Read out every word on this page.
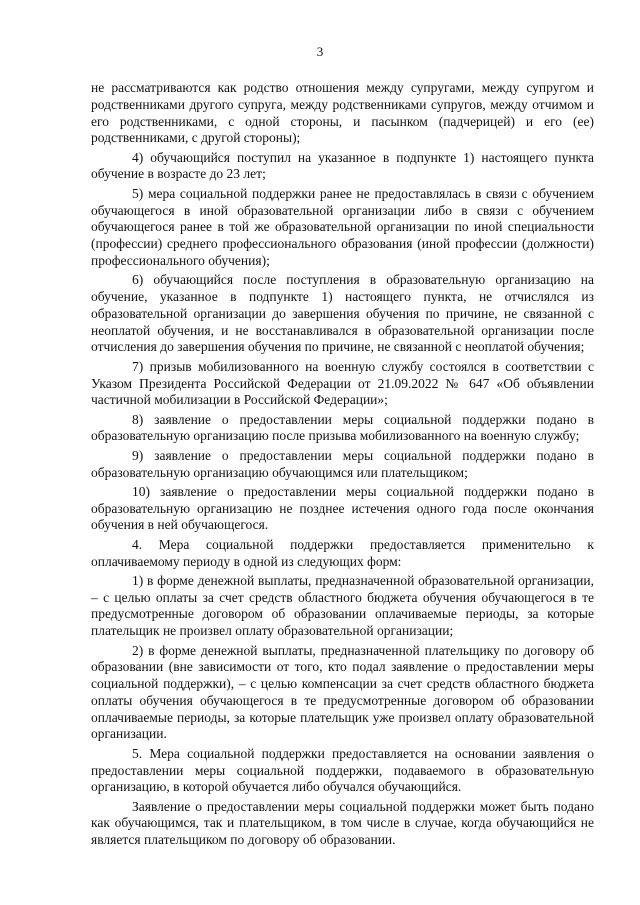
3

не рассматриваются как родство отношения между супругами, между супругом и родственниками другого супруга, между родственниками супругов, между отчимом и его родственниками, с одной стороны, и пасынком (падчерицей) и его (ее) родственниками, с другой стороны);

4) обучающийся поступил на указанное в подпункте 1) настоящего пункта обучение в возрасте до 23 лет;

5) мера социальной поддержки ранее не предоставлялась в связи с обучением обучающегося в иной образовательной организации либо в связи с обучением обучающегося ранее в той же образовательной организации по иной специальности (профессии) среднего профессионального образования (иной профессии (должности) профессионального обучения);

6) обучающийся после поступления в образовательную организацию на обучение, указанное в подпункте 1) настоящего пункта, не отчислялся из образовательной организации до завершения обучения по причине, не связанной с неоплатой обучения, и не восстанавливался в образовательной организации после отчисления до завершения обучения по причине, не связанной с неоплатой обучения;

7) призыв мобилизованного на военную службу состоялся в соответствии с Указом Президента Российской Федерации от 21.09.2022 № 647 «Об объявлении частичной мобилизации в Российской Федерации»;

8) заявление о предоставлении меры социальной поддержки подано в образовательную организацию после призыва мобилизованного на военную службу;

9) заявление о предоставлении меры социальной поддержки подано в образовательную организацию обучающимся или плательщиком;

10) заявление о предоставлении меры социальной поддержки подано в образовательную организацию не позднее истечения одного года после окончания обучения в ней обучающегося.

4. Мера социальной поддержки предоставляется применительно к оплачиваемому периоду в одной из следующих форм:

1) в форме денежной выплаты, предназначенной образовательной организации, – с целью оплаты за счет средств областного бюджета обучения обучающегося в те предусмотренные договором об образовании оплачиваемые периоды, за которые плательщик не произвел оплату образовательной организации;

2) в форме денежной выплаты, предназначенной плательщику по договору об образовании (вне зависимости от того, кто подал заявление о предоставлении меры социальной поддержки), – с целью компенсации за счет средств областного бюджета оплаты обучения обучающегося в те предусмотренные договором об образовании оплачиваемые периоды, за которые плательщик уже произвел оплату образовательной организации.

5. Мера социальной поддержки предоставляется на основании заявления о предоставлении меры социальной поддержки, подаваемого в образовательную организацию, в которой обучается либо обучался обучающийся.

Заявление о предоставлении меры социальной поддержки может быть подано как обучающимся, так и плательщиком, в том числе в случае, когда обучающийся не является плательщиком по договору об образовании.
